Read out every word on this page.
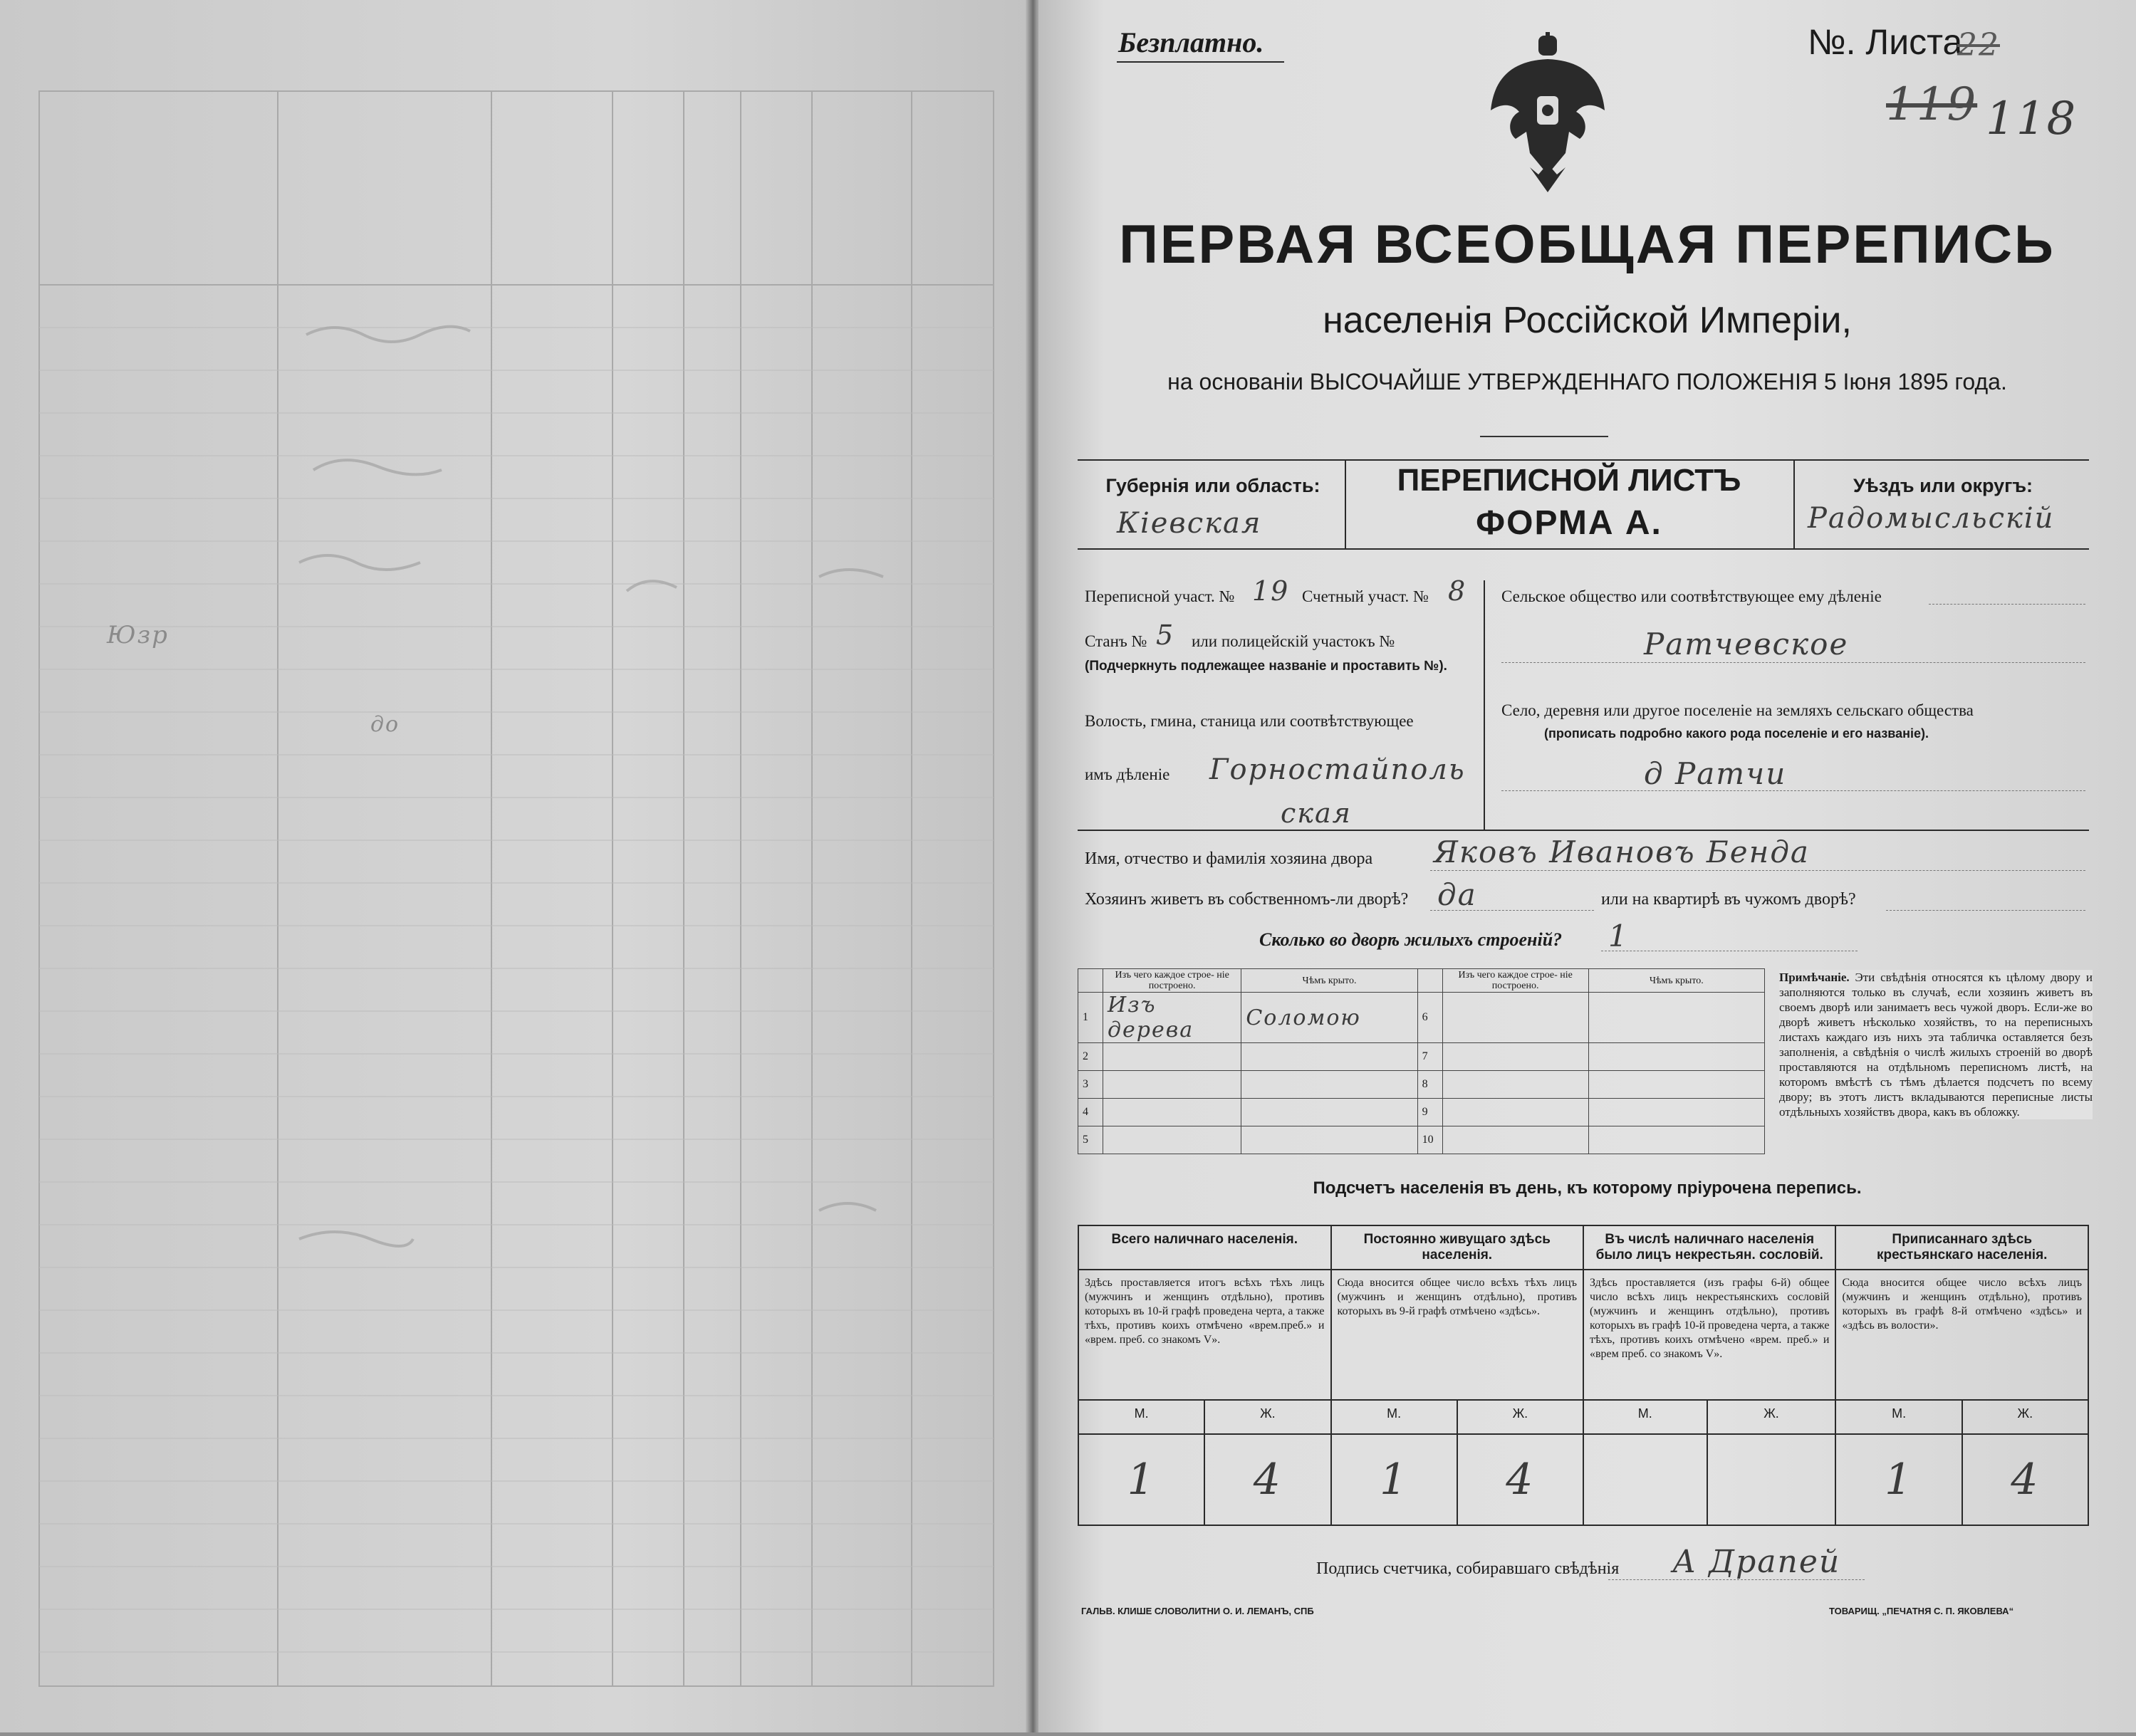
Юзр
до
Безплатно.	№. Листа
22
119 118
ПЕРВАЯ ВСЕОБЩАЯ ПЕРЕПИСЬ
населенія Россійской Имперіи,
на основаніи ВЫСОЧАЙШЕ УТВЕРЖДЕННАГО ПОЛОЖЕНІЯ 5 Іюня 1895 года.
Губернія или область:
Кіевская
ПЕРЕПИСНОЙ ЛИСТЪ
ФОРМА А.
Уѣздъ или округъ:
Радомысльскій
Переписной участ. № 19 Счетный участ. № 8
Станъ № 5 или полицейскій участокъ №
(Подчеркнуть подлежащее названіе и проставить №).
Волость, гмина, станица или соотвѣтствующее
имъ дѣленіе Горностайполь
ская
Сельское общество или соотвѣтствующее ему дѣленіе
Ратчевское
Село, деревня или другое поселеніе на земляхъ сельскаго общества
(прописать подробно какого рода поселеніе и его названіе).
д Ратчи
Имя, отчество и фамилія хозяина двора Яковъ Ивановъ Бенда
Хозяинъ живетъ въ собственномъ-ли дворѣ? да	или на квартирѣ въ чужомъ дворѣ?
Сколько во дворѣ жилыхъ строеній? 1
	Изъ чего каждое строе- ніе построено.	Чѣмъ крыто.		Изъ чего каждое строе- ніе построено.	Чѣмъ крыто.
1	Изъ дерева	Соломою	6		
2			7		
3			8		
4			9		
5			10		
Примѣчаніе. Эти свѣдѣнія относятся къ цѣлому двору и заполняются только въ случаѣ, если хозяинъ живетъ въ своемъ дворѣ или занимаетъ весь чужой дворъ. Если-же во дворѣ живетъ нѣсколько хозяйствъ, то на переписныхъ листахъ каждаго изъ нихъ эта табличка оставляется безъ заполненія, а свѣдѣнія о числѣ жилыхъ строеній во дворѣ проставляются на отдѣльномъ переписномъ листѣ, на которомъ вмѣстѣ съ тѣмъ дѣлается подсчетъ по всему двору; въ этотъ листъ вкладываются переписные листы отдѣльныхъ хозяйствъ двора, какъ въ обложку.
Подсчетъ населенія въ день, къ которому пріурочена перепись.
Всего наличнаго населенія.		Постоянно живущаго здѣсь населенія.		Въ числѣ наличнаго населенія было лицъ некрестьян. сословій.		Приписаннаго здѣсь крестьянскаго населенія.	
Здѣсь проставляется итогъ всѣхъ тѣхъ лицъ (мужчинъ и женщинъ отдѣльно), противъ которыхъ въ 10-й графѣ проведена черта, а также тѣхъ, противъ коихъ отмѣчено «врем.преб.» и «врем. преб. со знакомъ V».		Сюда вносится общее число всѣхъ тѣхъ лицъ (мужчинъ и женщинъ отдѣльно), противъ которыхъ въ 9-й графѣ отмѣчено «здѣсь».		Здѣсь проставляется (изъ графы 6-й) общее число всѣхъ лицъ некрестьянскихъ сословій (мужчинъ и женщинъ отдѣльно), противъ которыхъ въ графѣ 10-й проведена черта, а также тѣхъ, противъ коихъ отмѣчено «врем. преб.» и «врем преб. со знакомъ V».		Сюда вносится общее число всѣхъ лицъ (мужчинъ и женщинъ отдѣльно), противъ которыхъ въ графѣ 8-й отмѣчено «здѣсь» и «здѣсь въ волости».	
М.	Ж.	М.	Ж.	М.	Ж.	М.	Ж.
1	4	1	4			1	4
Подпись счетчика, собиравшаго свѣдѣнія А Драпей
ГАЛЬВ. КЛИШЕ СЛОВОЛИТНИ О. И. ЛЕМАНЪ, СПБ	ТОВАРИЩ. „ПЕЧАТНЯ С. П. ЯКОВЛЕВА“
